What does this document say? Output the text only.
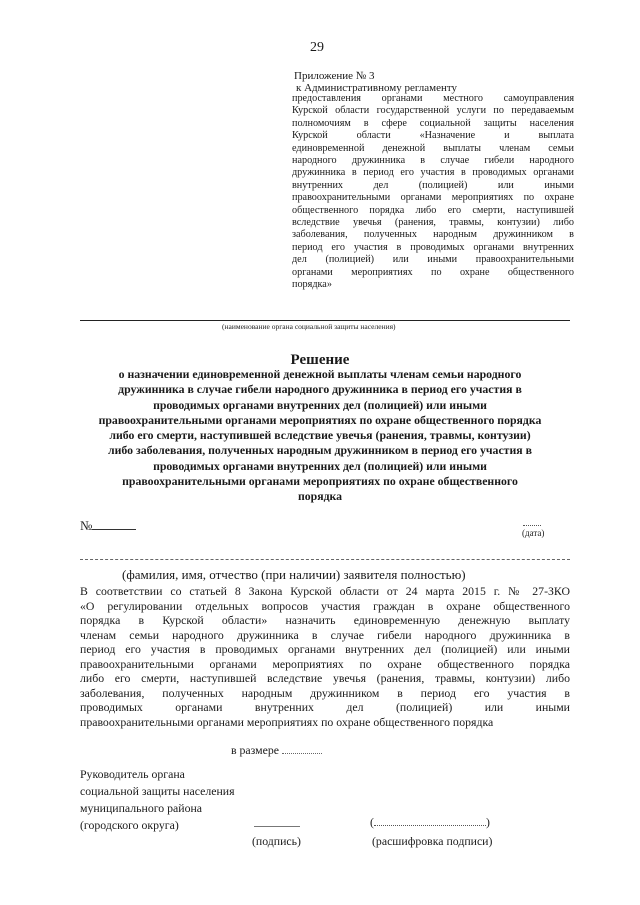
29
Приложение № 3
к Административному регламенту
предоставления органами местного самоуправления
Курской области государственной услуги по передаваемым
полномочиям в сфере социальной защиты населения
Курской области «Назначение и выплата
единовременной денежной выплаты членам семьи
народного дружинника в случае гибели народного
дружинника в период его участия в проводимых органами
внутренних дел (полицией) или иными
правоохранительными органами мероприятиях по охране
общественного порядка либо его смерти, наступившей
вследствие увечья (ранения, травмы, контузии) либо
заболевания, полученных народным дружинником в
период его участия в проводимых органами внутренних
дел (полицией) или иными правоохранительными
органами мероприятиях по охране общественного
порядка»
(наименование органа социальной защиты населения)
Решение
о назначении единовременной денежной выплаты членам семьи народного
дружинника в случае гибели народного дружинника в период его участия в
проводимых органами внутренних дел (полицией) или иными
правоохранительными органами мероприятиях по охране общественного порядка
либо его смерти, наступившей вследствие увечья (ранения, травмы, контузии)
либо заболевания, полученных народным дружинником в период его участия в
проводимых органами внутренних дел (полицией) или иными
правоохранительными органами мероприятиях по охране общественного
порядка
№	(дата)
(фамилия, имя, отчество (при наличии) заявителя полностью)
В соответствии со статьей 8 Закона Курской области от 24 марта 2015 г. № 27-ЗКО
«О регулировании отдельных вопросов участия граждан в охране общественного
порядка в Курской области» назначить единовременную денежную выплату
членам семьи народного дружинника в случае гибели народного дружинника в
период его участия в проводимых органами внутренних дел (полицией) или иными
правоохранительными органами мероприятиях по охране общественного порядка
либо его смерти, наступившей вследствие увечья (ранения, травмы, контузии) либо
заболевания, полученных народным дружинником в период его участия в
проводимых органами внутренних дел (полицией) или иными
правоохранительными органами мероприятиях по охране общественного порядка
в размере
Руководитель органа
социальной защиты населения
муниципального района
(городского округа)
(подпись)
(	)
(расшифровка подписи)
